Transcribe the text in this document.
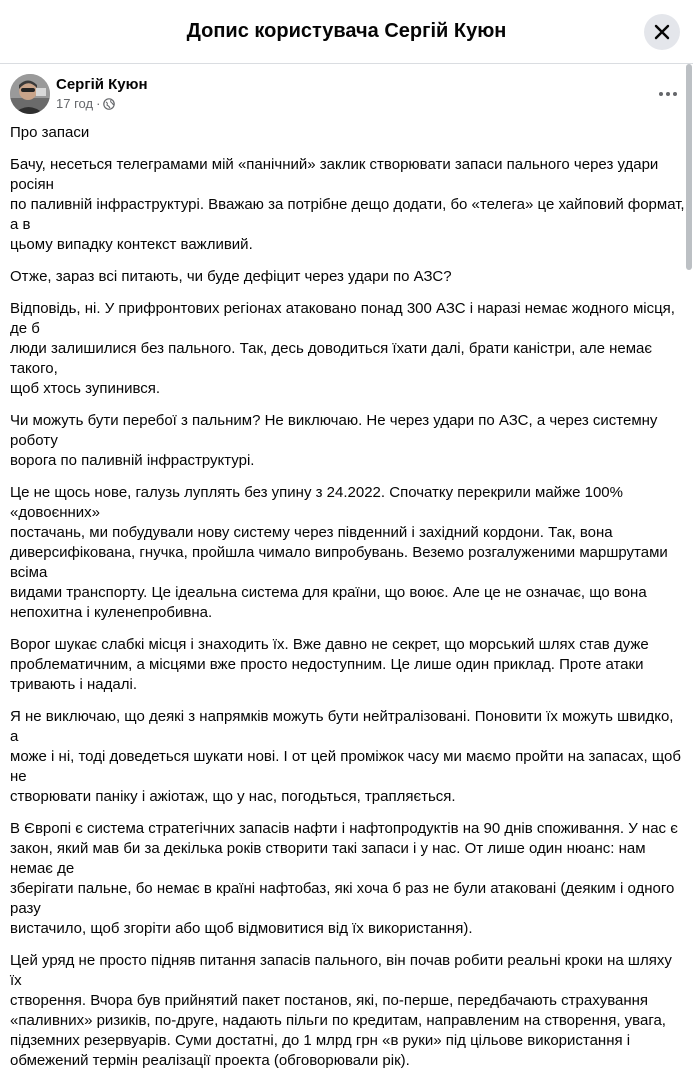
Допис користувача Сергій Куюн
Сергій Куюн
17 год ·

Про запаси

Бачу, несеться телеграмами мій «панічний» заклик створювати запаси пального через удари росіян
по паливній інфраструктурі. Вважаю за потрібне дещо додати, бо «телега» це хайповий формат, а в
цьому випадку контекст важливий.

Отже, зараз всі питають, чи буде дефіцит через удари по АЗС?

Відповідь, ні. У прифронтових регіонах атаковано понад 300 АЗС і наразі немає жодного місця, де б
люди залишилися без пального. Так, десь доводиться їхати далі, брати каністри, але немає такого,
щоб хтось зупинився.

Чи можуть бути перебої з пальним? Не виключаю. Не через удари по АЗС, а через системну роботу
ворога по паливній інфраструктурі.

Це не щось нове, галузь луплять без упину з 24.2022. Спочатку перекрили майже 100% «довоєнних»
постачань, ми побудували нову систему через південний і західний кордони. Так, вона
диверсифікована, гнучка, пройшла чимало випробувань. Веземо розгалуженими маршрутами всіма
видами транспорту. Це ідеальна система для країни, що воює. Але це не означає, що вона
непохитна і куленепробивна.

Ворог шукає слабкі місця і знаходить їх. Вже давно не секрет, що морський шлях став дуже
проблематичним, а місцями вже просто недоступним. Це лише один приклад. Проте атаки
тривають і надалі.

Я не виключаю, що деякі з напрямків можуть бути нейтралізовані. Поновити їх можуть швидко, а
може і ні, тоді доведеться шукати нові. І от цей проміжок часу ми маємо пройти на запасах, щоб не
створювати паніку і ажіотаж, що у нас, погодьться, трапляється.

В Європі є система стратегічних запасів нафти і нафтопродуктів на 90 днів споживання. У нас є
закон, який мав би за декілька років створити такі запаси і у нас. От лише один нюанс: нам немає де
зберігати пальне, бо немає в країні нафтобаз, які хоча б раз не були атаковані (деяким і одного разу
вистачило, щоб згоріти або щоб відмовитися від їх використання).

Цей уряд не просто підняв питання запасів пального, він почав робити реальні кроки на шляху їх
створення. Вчора був прийнятий пакет постанов, які, по-перше, передбачають страхування
«паливних» ризиків, по-друге, надають пільги по кредитам, направленим на створення, увага,
підземних резервуарів. Суми достатні, до 1 млрд грн «в руки» під цільове використання і
обмежений термін реалізації проекта (обговорювали рік).
